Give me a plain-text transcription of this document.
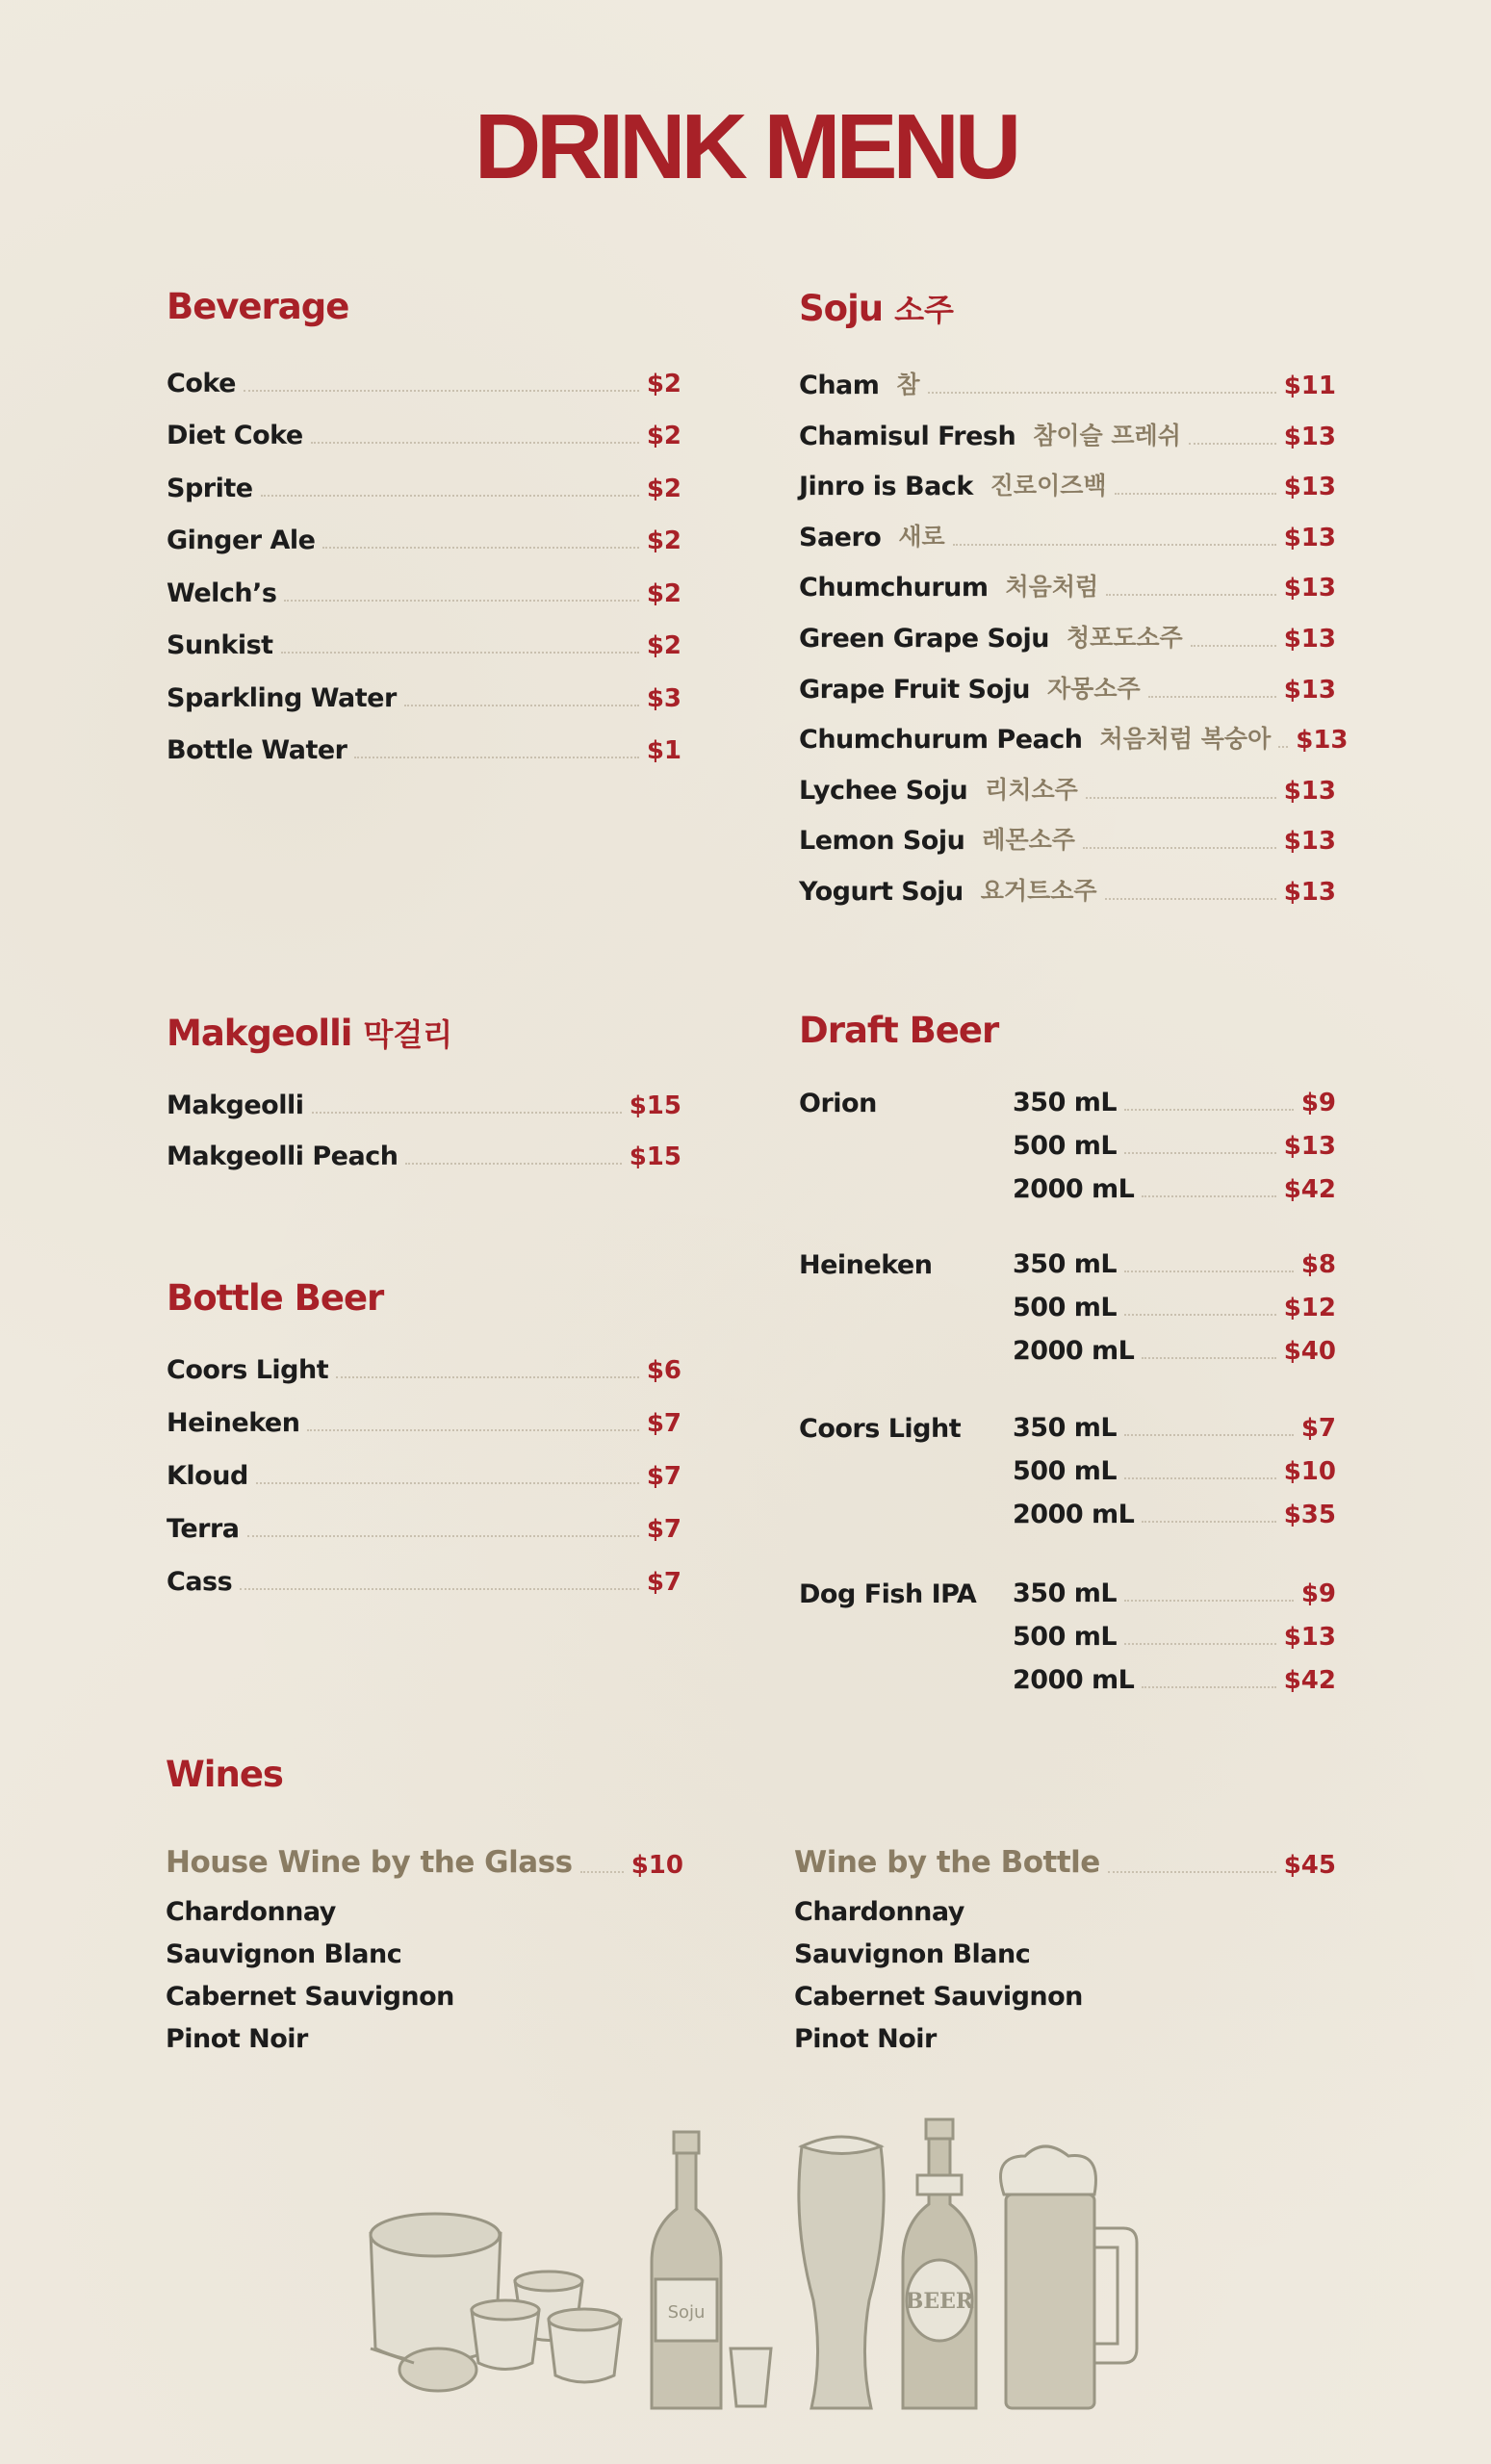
DRINK MENU
Beverage
Coke	$2
Diet Coke	$2
Sprite	$2
Ginger Ale	$2
Welch’s	$2
Sunkist	$2
Sparkling Water	$3
Bottle Water	$1
Soju 소주
Cham 참	$11
Chamisul Fresh 참이슬 프레쉬	$13
Jinro is Back 진로이즈백	$13
Saero 새로	$13
Chumchurum 처음처럼	$13
Green Grape Soju 청포도소주	$13
Grape Fruit Soju 자몽소주	$13
Chumchurum Peach 처음처럼 복숭아 $13
Lychee Soju 리치소주	$13
Lemon Soju 레몬소주	$13
Yogurt Soju 요거트소주	$13
Makgeolli 막걸리
Makgeolli	$15
Makgeolli Peach	$15
Bottle Beer
Coors Light	$6
Heineken	$7
Kloud	$7
Terra	$7
Cass	$7
Draft Beer
Orion	350 mL	$9
500 mL	$13
2000 mL	$42
Heineken	350 mL	$8
500 mL	$12
2000 mL	$40
Coors Light 350 mL	$7
500 mL	$10
2000 mL	$35
Dog Fish IPA 350 mL	$9
500 mL	$13
2000 mL	$42
Wines
House Wine by the Glass $10
Chardonnay
Sauvignon Blanc
Cabernet Sauvignon
Pinot Noir
Wine by the Bottle	$45
Chardonnay
Sauvignon Blanc
Cabernet Sauvignon
Pinot Noir
Soju	BEER
